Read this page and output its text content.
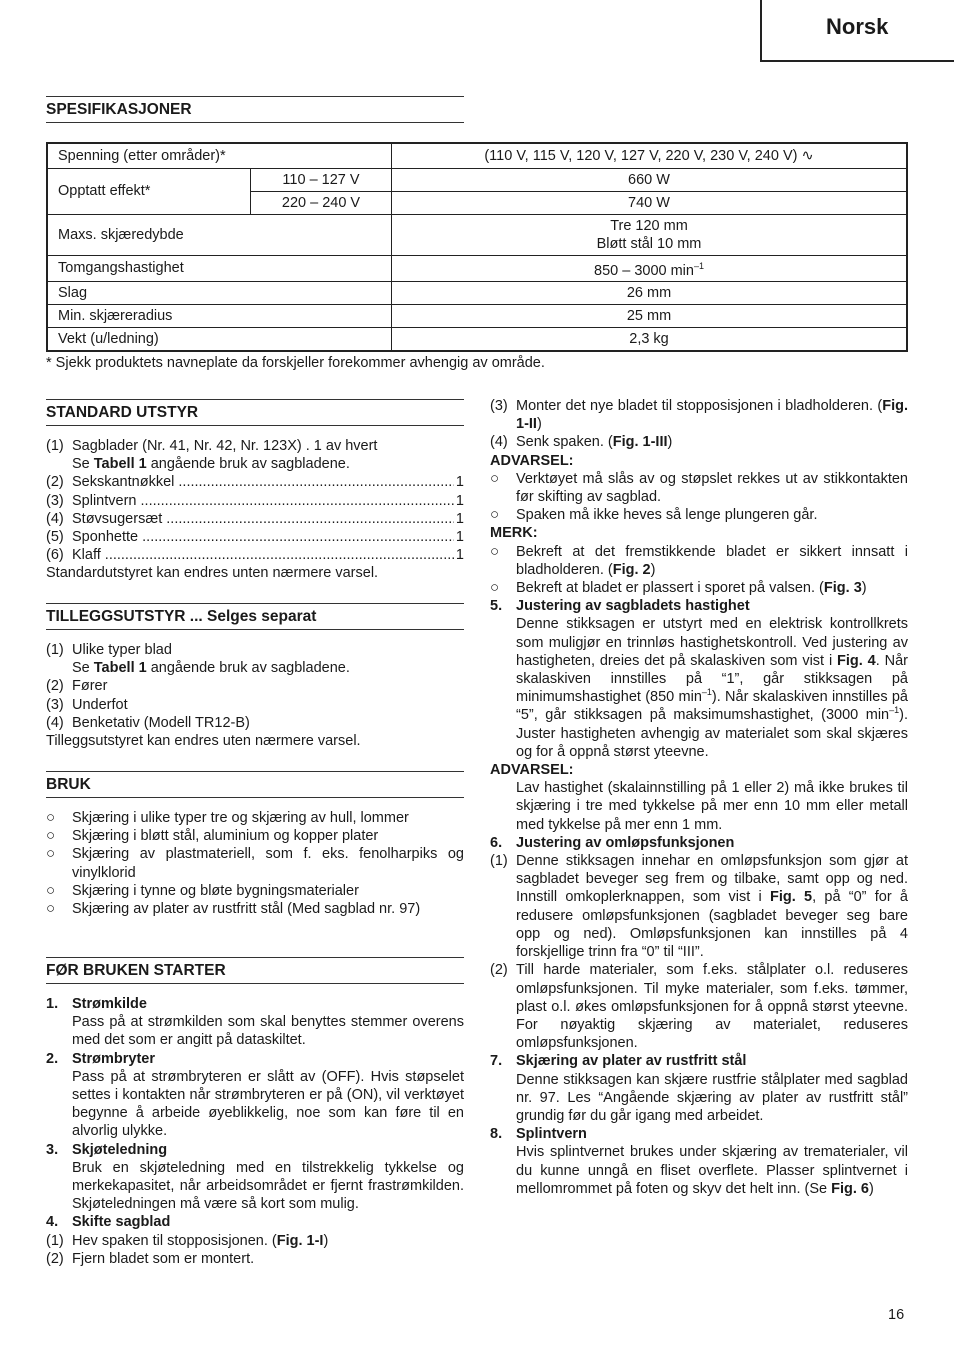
Norsk
SPESIFIKASJONER
Spenning (etter områder)*		(110 V, 115 V, 120 V, 127 V, 220 V, 230 V, 240 V) ∿
Opptatt effekt*	110 – 127 V	660 W
	220 – 240 V	740 W
Maxs. skjæredybde		Tre 120 mm
Bløtt stål 10 mm

Tomgangshastighet		850 – 3000 $\min^{-1}$
Slag		26 mm
Min. skjæreradius		25 mm
Vekt (u/ledning)		2,3 kg
* Sjekk produktets navneplate da forskjeller forekommer avhengig av område.
STANDARD UTSTYR
(1) Sagblader (Nr. 41, Nr. 42, Nr. 123X) . 1 av hvert
Se Tabell 1 angående bruk av sagbladene.
(2) Sekskantnøkkel .....	1
(3) Splintvern .....	1
(4) Støvsugersæt .....	1
(5) Sponhette .....	1
(6) Klaff .....	1
Standardutstyret kan endres unten nærmere varsel.
TILLEGGSUTSTYR ... Selges separat
(1) Ulike typer blad
Se Tabell 1 angående bruk av sagbladene.
(2) Fører
(3) Underfot
(4) Benketativ (Modell TR12-B)
Tilleggsutstyret kan endres uten nærmere varsel.
BRUK
○	Skjæring i ulike typer tre og skjæring av hull, lommer
○	Skjæring i bløtt stål, aluminium og kopper plater
○	Skjæring av plastmateriell, som f. eks. fenolharpiks og vinylklorid
○	Skjæring i tynne og bløte bygningsmaterialer
○	Skjæring av plater av rustfritt stål (Med sagblad nr. 97)
FØR BRUKEN STARTER
1. Strømkilde
Pass på at strømkilden som skal benyttes stemmer overens med det som er angitt på dataskiltet.
2. Strømbryter
Pass på at strømbryteren er slått av (OFF). Hvis støpselet settes i kontakten når strømbryteren er på (ON), vil verktøyet begynne å arbeide øyeblikkelig, noe som kan føre til en alvorlig ulykke.
3. Skjøteledning
Bruk en skjøteledning med en tilstrekkelig tykkelse og merkekapasitet, når arbeidsområdet er fjernt frastrømkilden. Skjøteledningen må være så kort som mulig.
4. Skifte sagblad
(1) Hev spaken til stopposisjonen. (Fig. 1-I)
(2) Fjern bladet som er montert.
(3) Monter det nye bladet til stopposisjonen i bladholderen. (Fig. 1-II)
(4) Senk spaken. (Fig. 1-III)
ADVARSEL:
○	Verktøyet må slås av og støpslet rekkes ut av stikkontakten før skifting av sagblad.
○	Spaken må ikke heves så lenge plungeren går.
MERK:
○	Bekreft at det fremstikkende bladet er sikkert innsatt i bladholderen. (Fig. 2)
○	Bekreft at bladet er plassert i sporet på valsen. (Fig. 3)
5. Justering av sagbladets hastighet
Denne stikksagen er utstyrt med en elektrisk kontrollkrets som muligjør en trinnløs hastighetskontroll. Ved justering av hastigheten, dreies det på skalaskiven som vist i Fig. 4. Når skalaskiven innstilles på “1”, går stikksagen på minimumshastighet (850 $\min^{-1}$). Når skalaskiven innstilles på “5”, går stikksagen på maksimumshastighet, (3000 $\min^{-1}$). Juster hastigheten avhengig av materialet som skal skjæres og for å oppnå størst yteevne.
ADVARSEL:
Lav hastighet (skalainnstilling på 1 eller 2) må ikke brukes til skjæring i tre med tykkelse på mer enn 10 mm eller metall med tykkelse på mer enn 1 mm.
6. Justering av omløpsfunksjonen
(1) Denne stikksagen innehar en omløpsfunksjon som gjør at sagbladet beveger seg frem og tilbake, samt opp og ned. Innstill omkoplerknappen, som vist i Fig. 5, på “0” for å redusere omløpsfunksjonen (sagbladet beveger seg bare opp og ned). Omløpsfunksjonen kan innstilles på 4 forskjellige trinn fra “0” til “III”.
(2) Till harde materialer, som f.eks. stålplater o.l. reduseres omløpsfunksjonen. Til myke materialer, som f.eks. tømmer, plast o.l. økes omløpsfunksjonen for å oppnå størst yteevne. For nøyaktig skjæring av materialet, reduseres omløpsfunksjonen.
7. Skjæring av plater av rustfritt stål
Denne stikksagen kan skjære rustfrie stålplater med sagblad nr. 97. Les “Angående skjæring av plater av rustfritt stål” grundig før du går igang med arbeidet.
8. Splintvern
Hvis splintvernet brukes under skjæring av trematerialer, vil du kunne unngå en fliset overflete. Plasser splintvernet i mellomrommet på foten og skyv det helt inn. (Se Fig. 6)
16
